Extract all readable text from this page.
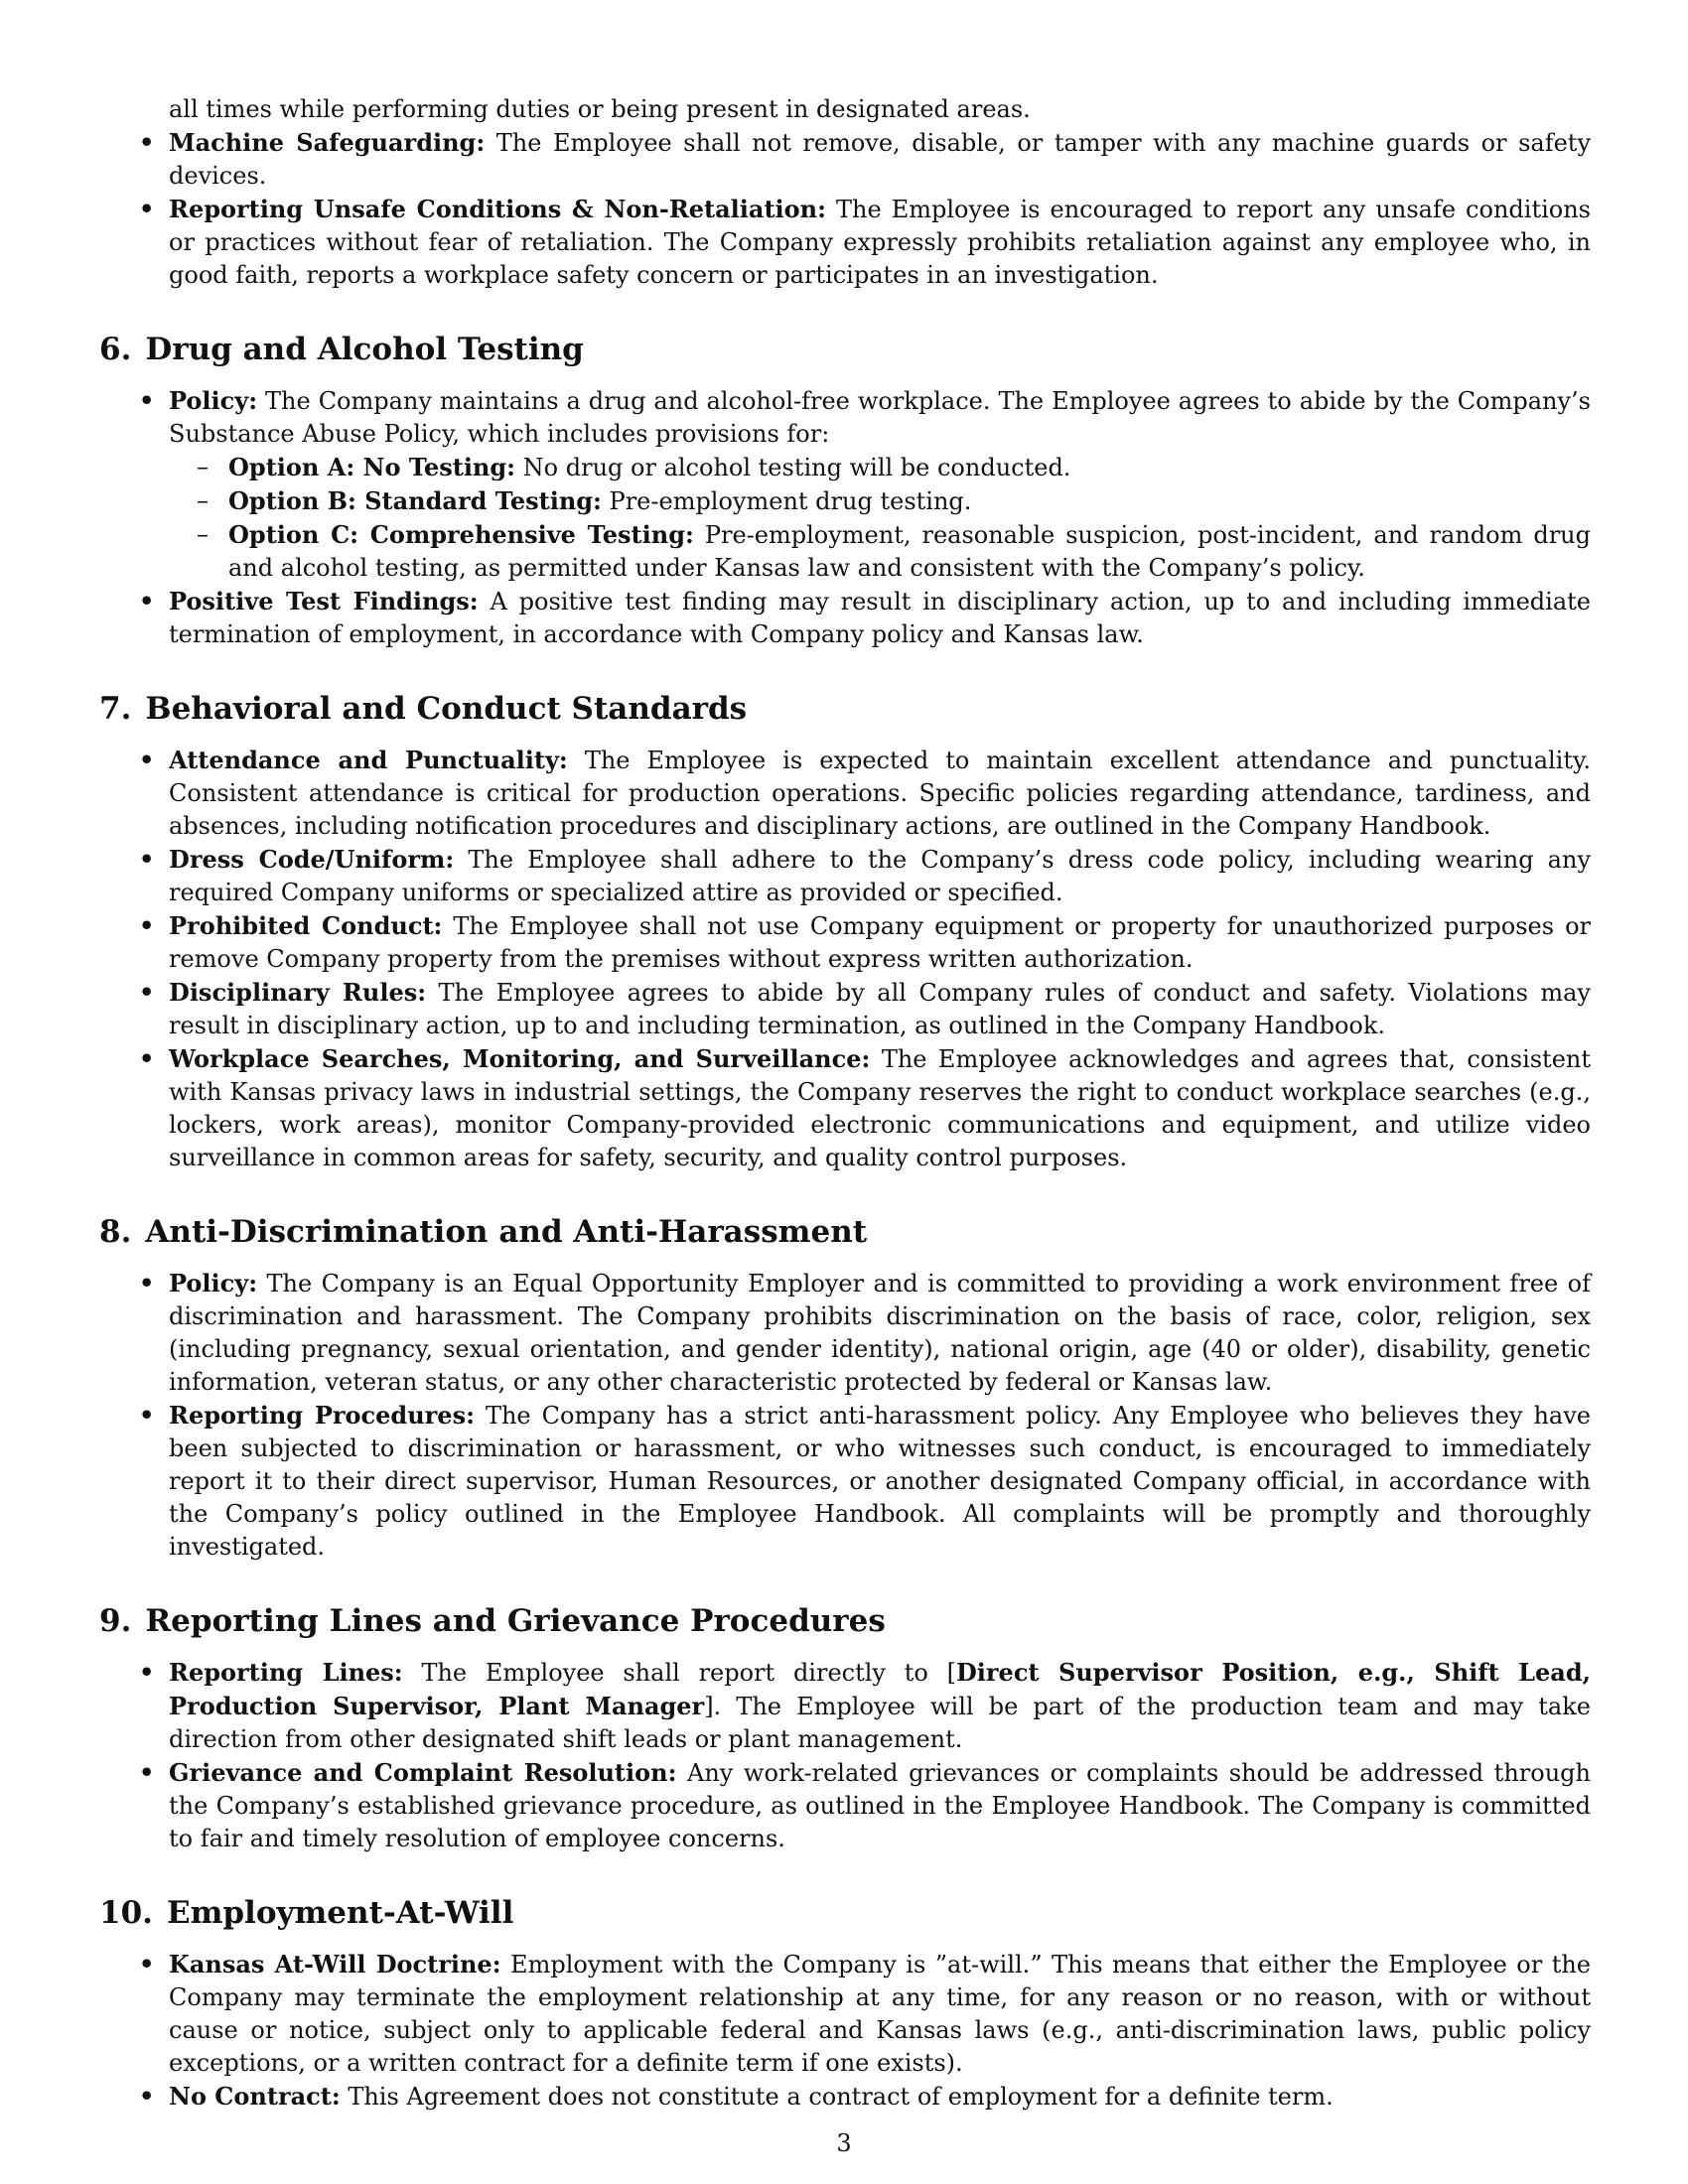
all times while performing duties or being present in designated areas.
• Machine Safeguarding: The Employee shall not remove, disable, or tamper with any machine guards or safety devices.
• Reporting Unsafe Conditions & Non-Retaliation: The Employee is encouraged to report any unsafe conditions or practices without fear of retaliation. The Company expressly prohibits retaliation against any employee who, in good faith, reports a workplace safety concern or participates in an investigation.
6. Drug and Alcohol Testing
• Policy: The Company maintains a drug and alcohol-free workplace. The Employee agrees to abide by the Company’s Substance Abuse Policy, which includes provisions for:
– Option A: No Testing: No drug or alcohol testing will be conducted.
– Option B: Standard Testing: Pre-employment drug testing.
– Option C: Comprehensive Testing: Pre-employment, reasonable suspicion, post-incident, and random drug and alcohol testing, as permitted under Kansas law and consistent with the Company’s policy.
• Positive Test Findings: A positive test finding may result in disciplinary action, up to and including immediate termination of employment, in accordance with Company policy and Kansas law.
7. Behavioral and Conduct Standards
• Attendance and Punctuality: The Employee is expected to maintain excellent attendance and punctuality. Consistent attendance is critical for production operations. Specific policies regarding attendance, tardiness, and absences, including notification procedures and disciplinary actions, are outlined in the Company Handbook.
• Dress Code/Uniform: The Employee shall adhere to the Company’s dress code policy, including wearing any required Company uniforms or specialized attire as provided or specified.
• Prohibited Conduct: The Employee shall not use Company equipment or property for unauthorized purposes or remove Company property from the premises without express written authorization.
• Disciplinary Rules: The Employee agrees to abide by all Company rules of conduct and safety. Violations may result in disciplinary action, up to and including termination, as outlined in the Company Handbook.
• Workplace Searches, Monitoring, and Surveillance: The Employee acknowledges and agrees that, consistent with Kansas privacy laws in industrial settings, the Company reserves the right to conduct workplace searches (e.g., lockers, work areas), monitor Company-provided electronic communications and equipment, and utilize video surveillance in common areas for safety, security, and quality control purposes.
8. Anti-Discrimination and Anti-Harassment
• Policy: The Company is an Equal Opportunity Employer and is committed to providing a work environment free of discrimination and harassment. The Company prohibits discrimination on the basis of race, color, religion, sex (including pregnancy, sexual orientation, and gender identity), national origin, age (40 or older), disability, genetic information, veteran status, or any other characteristic protected by federal or Kansas law.
• Reporting Procedures: The Company has a strict anti-harassment policy. Any Employee who believes they have been subjected to discrimination or harassment, or who witnesses such conduct, is encouraged to immediately report it to their direct supervisor, Human Resources, or another designated Company official, in accordance with the Company’s policy outlined in the Employee Handbook. All complaints will be promptly and thoroughly investigated.
9. Reporting Lines and Grievance Procedures
• Reporting Lines: The Employee shall report directly to [Direct Supervisor Position, e.g., Shift Lead, Production Supervisor, Plant Manager]. The Employee will be part of the production team and may take direction from other designated shift leads or plant management.
• Grievance and Complaint Resolution: Any work-related grievances or complaints should be addressed through the Company’s established grievance procedure, as outlined in the Employee Handbook. The Company is committed to fair and timely resolution of employee concerns.
10. Employment-At-Will
• Kansas At-Will Doctrine: Employment with the Company is ”at-will.” This means that either the Employee or the Company may terminate the employment relationship at any time, for any reason or no reason, with or without cause or notice, subject only to applicable federal and Kansas laws (e.g., anti-discrimination laws, public policy exceptions, or a written contract for a definite term if one exists).
• No Contract: This Agreement does not constitute a contract of employment for a definite term.
3
